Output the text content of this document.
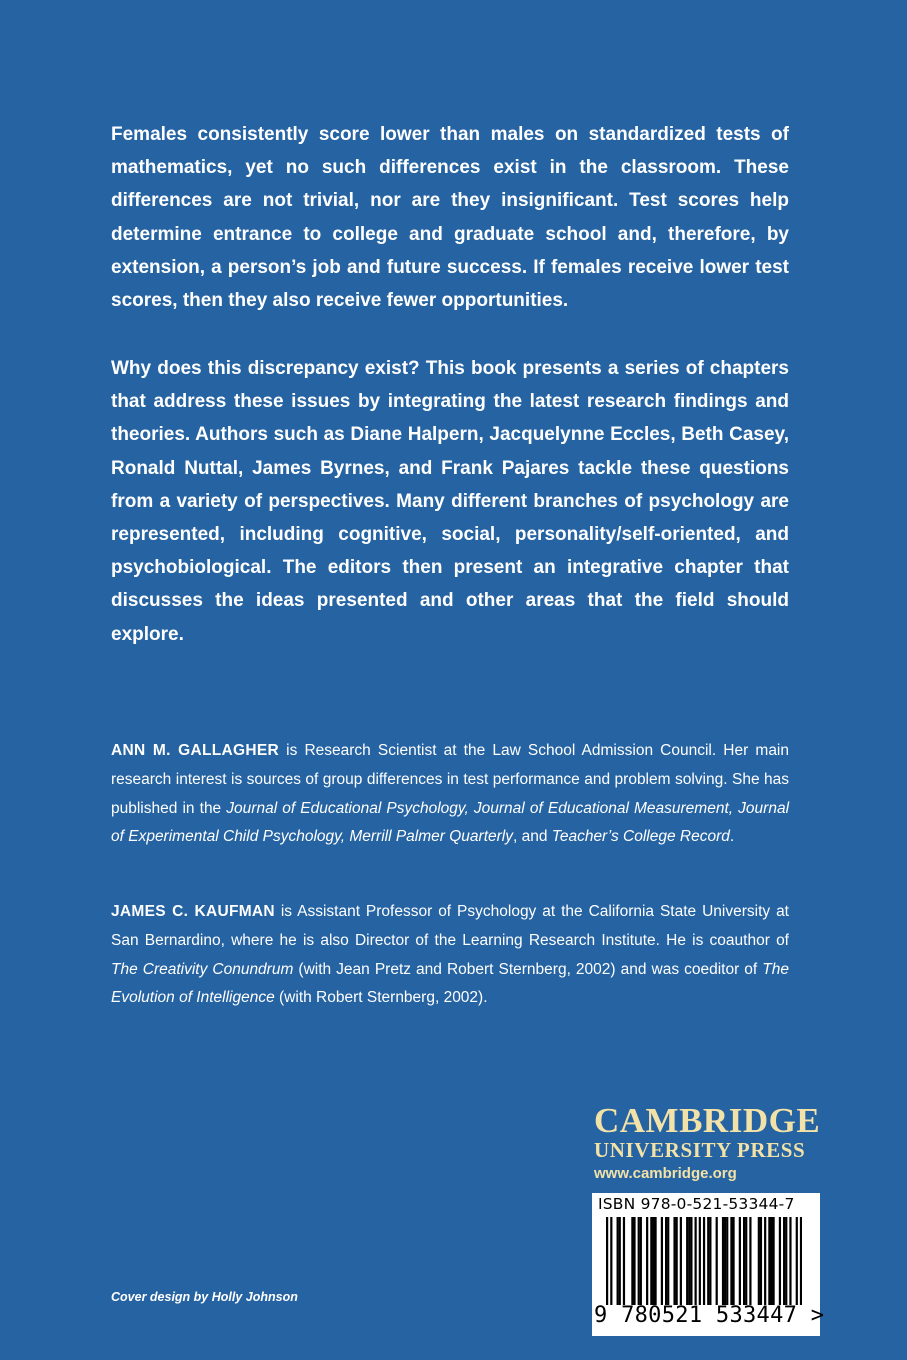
Females consistently score lower than males on standardized tests of mathematics, yet no such differences exist in the classroom. These differences are not trivial, nor are they insignificant. Test scores help determine entrance to college and graduate school and, therefore, by extension, a person’s job and future success. If females receive lower test scores, then they also receive fewer opportunities.

Why does this discrepancy exist? This book presents a series of chapters that address these issues by integrating the latest research findings and theories. Authors such as Diane Halpern, Jacquelynne Eccles, Beth Casey, Ronald Nuttal, James Byrnes, and Frank Pajares tackle these questions from a variety of perspectives. Many different branches of psychology are represented, including cognitive, social, personality/self-oriented, and psychobiological. The editors then present an integrative chapter that discusses the ideas presented and other areas that the field should explore.

ANN M. GALLAGHER is Research Scientist at the Law School Admission Council. Her main research interest is sources of group differences in test performance and problem solving. She has published in the Journal of Educational Psychology, Journal of Educational Measurement, Journal of Experimental Child Psychology, Merrill Palmer Quarterly, and Teacher’s College Record.

JAMES C. KAUFMAN is Assistant Professor of Psychology at the California State University at San Bernardino, where he is also Director of the Learning Research Institute. He is coauthor of The Creativity Conundrum (with Jean Pretz and Robert Sternberg, 2002) and was coeditor of The Evolution of Intelligence (with Robert Sternberg, 2002).

CAMBRIDGE
UNIVERSITY PRESS
www.cambridge.org
ISBN 978-0-521-53344-7
9 780521 533447 >
Cover design by Holly Johnson
